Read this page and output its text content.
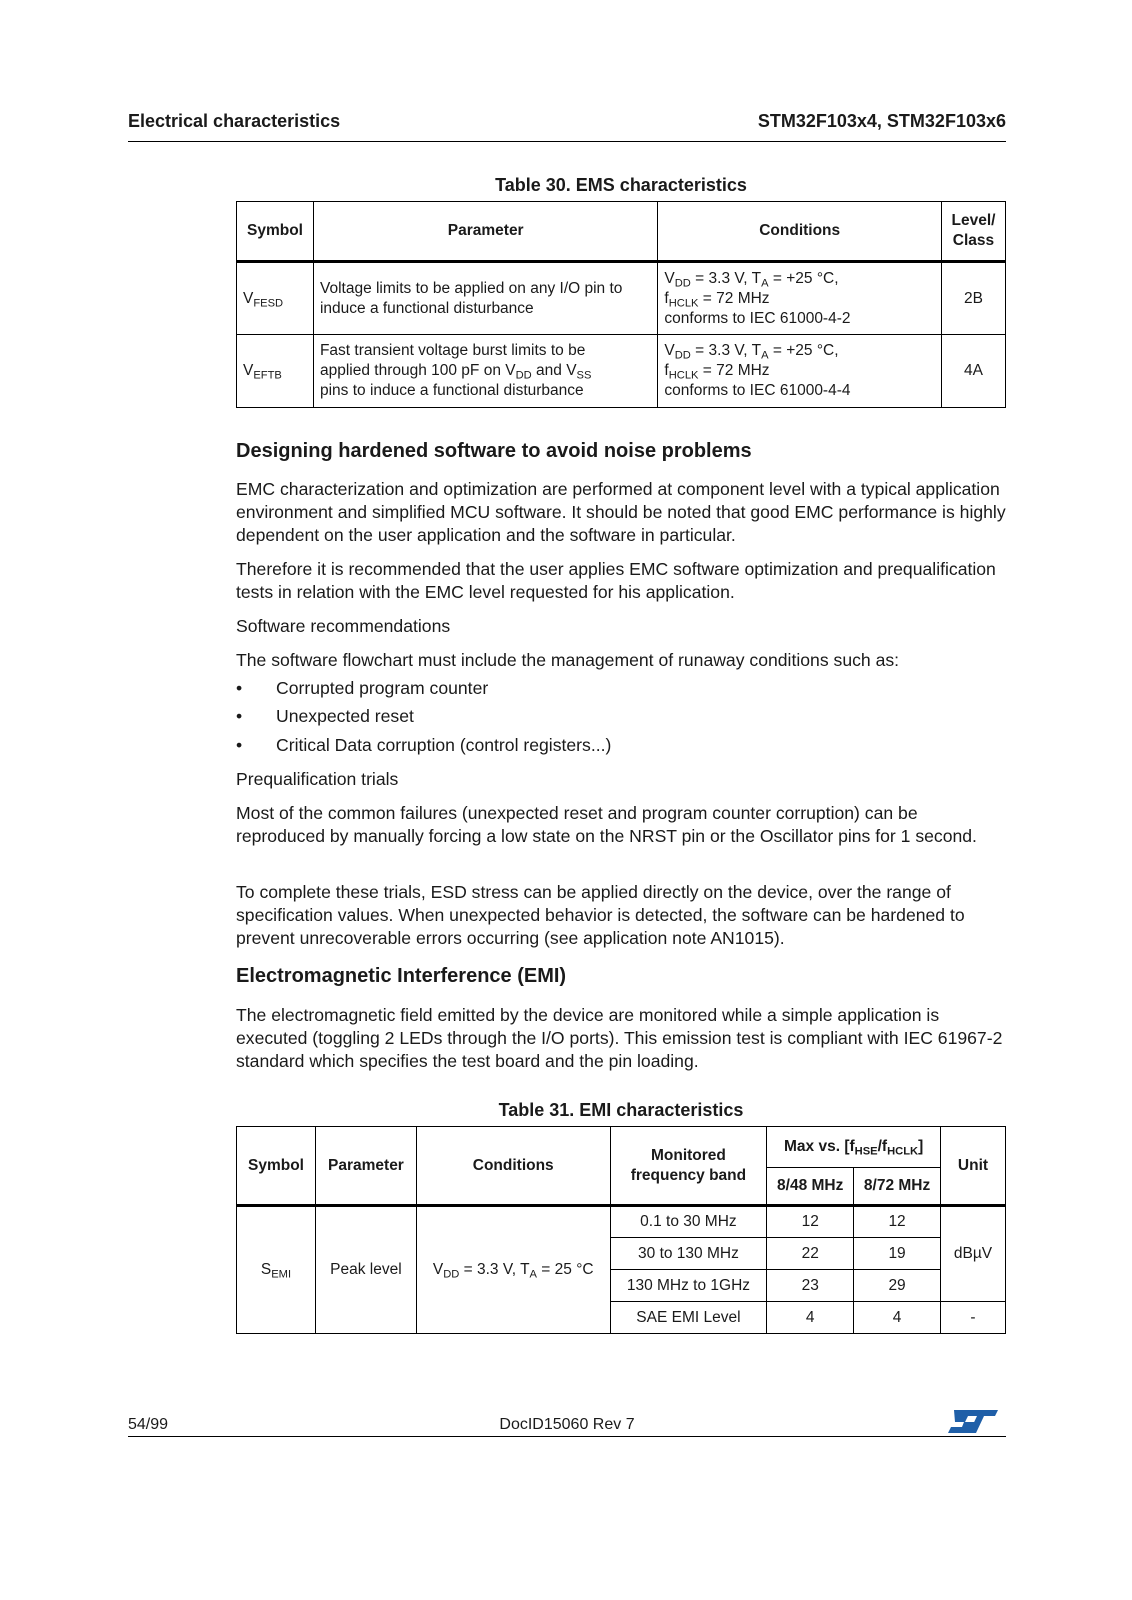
Electrical characteristics	STM32F103x4, STM32F103x6
Table 30. EMS characteristics
Symbol	Parameter	Conditions	Level/
Class
$V_{FESD}$	Voltage limits to be applied on any I/O pin to induce a functional disturbance	$V_{DD} = 3.3$ V, $T_A = +25$ °C,
$f_{HCLK} = 72$ MHz
conforms to IEC 61000-4-2	2B
$V_{EFTB}$	Fast transient voltage burst limits to be
applied through 100 pF on $V_{DD}$ and $V_{SS}$
pins to induce a functional disturbance	$V_{DD} = 3.3$ V, $T_A = +25$ °C,
$f_{HCLK} = 72$ MHz
conforms to IEC 61000-4-4	4A
Designing hardened software to avoid noise problems

EMC characterization and optimization are performed at component level with a typical application environment and simplified MCU software. It should be noted that good EMC performance is highly dependent on the user application and the software in particular.

Therefore it is recommended that the user applies EMC software optimization and prequalification tests in relation with the EMC level requested for his application.

Software recommendations

The software flowchart must include the management of runaway conditions such as:

• Corrupted program counter
• Unexpected reset
• Critical Data corruption (control registers...)

Prequalification trials

Most of the common failures (unexpected reset and program counter corruption) can be reproduced by manually forcing a low state on the NRST pin or the Oscillator pins for 1 second.

To complete these trials, ESD stress can be applied directly on the device, over the range of specification values. When unexpected behavior is detected, the software can be hardened to prevent unrecoverable errors occurring (see application note AN1015).

Electromagnetic Interference (EMI)

The electromagnetic field emitted by the device are monitored while a simple application is executed (toggling 2 LEDs through the I/O ports). This emission test is compliant with IEC 61967-2 standard which specifies the test board and the pin loading.

Table 31. EMI characteristics
Symbol	Parameter	Conditions	Monitored
frequency band	Max vs. $[f_{HSE}/f_{HCLK}]$		Unit
				8/48 MHz	8/72 MHz	
$S_{EMI}$	Peak level	$V_{DD} = 3.3$ V, $T_A = 25$ °C	0.1 to 30 MHz	12	12	dBµV
			30 to 130 MHz	22	19	
			130 MHz to 1GHz	23	29	
			SAE EMI Level	4	4	-
54/99	DocID15060 Rev 7
